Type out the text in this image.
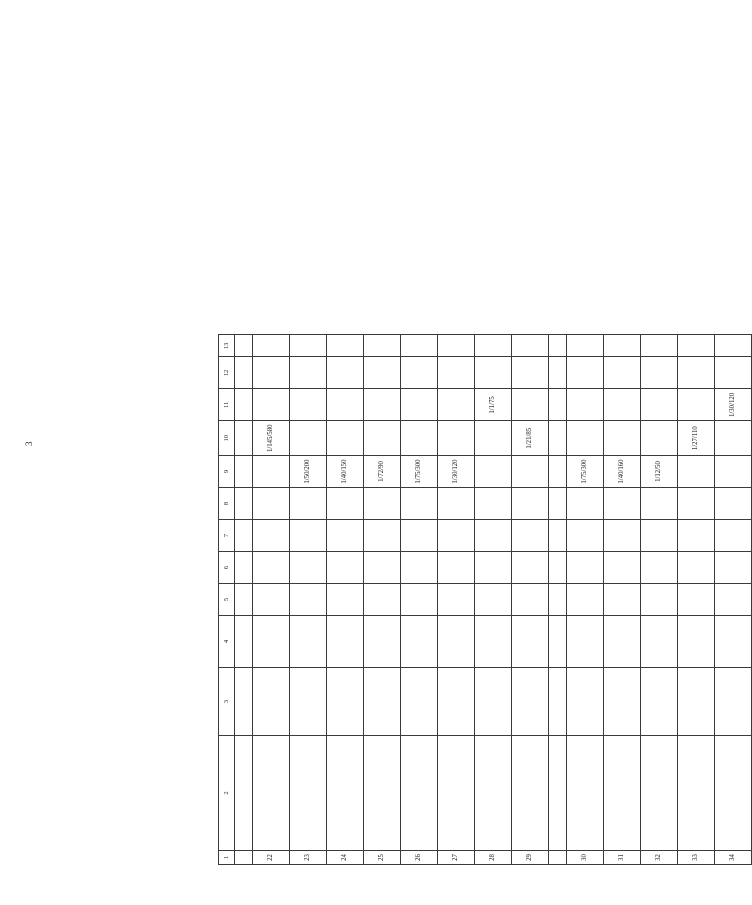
3
1	2	3	4	5	6	7	8	9	10	11	12	13

22									1/145/580			
23								1/50/200				
24								1/40/150				
25								1/72/90				
26								1/75/300				
27								1/30/120				
28										1/1/75		
29									1/21/85			

30								1/75/300				
31								1/40/160				
32								1/12/50				
33									1/27/110			
34										1/30/120		
